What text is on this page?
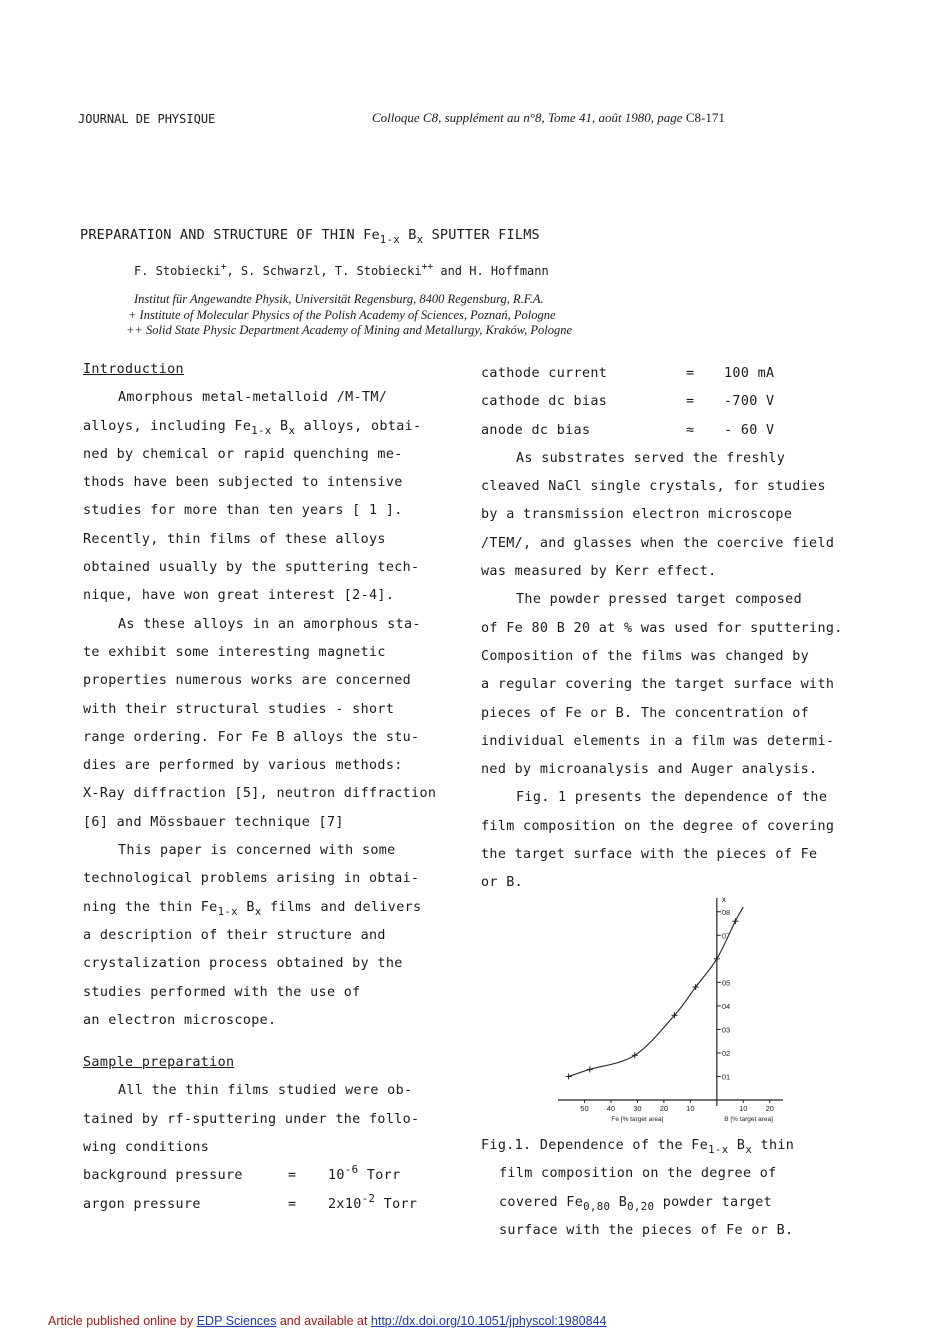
JOURNAL DE PHYSIQUE	Colloque C8, supplément au n°8, Tome 41, août 1980, page C8-171
PREPARATION AND STRUCTURE OF THIN $Fe_{1-x}$ $B_x$ SPUTTER FILMS
F. Stobiecki+, S. Schwarzl, T. Stobiecki++ and H. Hoffmann
Institut für Angewandte Physik, Universität Regensburg, 8400 Regensburg, R.F.A.
+ Institute of Molecular Physics of the Polish Academy of Sciences, Poznań, Pologne
++ Solid State Physic Department Academy of Mining and Metallurgy, Kraków, Pologne

Introduction

Amorphous metal-metalloid /M-TM/

alloys, including $Fe_{1-x}$ $B_x$ alloys, obtai-

ned by chemical or rapid quenching me-

thods have been subjected to intensive

studies for more than ten years [ 1 ].

Recently, thin films of these alloys

obtained usually by the sputtering tech-

nique, have won great interest [2-4].

As these alloys in an amorphous sta-

te exhibit some interesting magnetic

properties numerous works are concerned

with their structural studies - short

range ordering. For Fe B alloys the stu-

dies are performed by various methods:

X-Ray diffraction [5], neutron diffraction

[6] and Mössbauer technique [7]

This paper is concerned with some

technological problems arising in obtai-

ning the thin $Fe_{1-x}$ $B_x$ films and delivers

a description of their structure and

crystalization process obtained by the

studies performed with the use of

an electron microscope.

Sample preparation

All the thin films studied were ob-

tained by rf-sputtering under the follo-

wing conditions

background pressure	=	$10^{-6}$ Torr

argon pressure	=	$2x10^{-2}$ Torr

cathode current	=	100 mA

cathode dc bias	=	-700 V

anode dc bias	≈	- 60 V

As substrates served the freshly

cleaved NaCl single crystals, for studies

by a transmission electron microscope

/TEM/, and glasses when the coercive field

was measured by Kerr effect.

The powder pressed target composed

of Fe 80 B 20 at % was used for sputtering.

Composition of the films was changed by

a regular covering the target surface with

pieces of Fe or B. The concentration of

individual elements in a film was determi-

ned by microanalysis and Auger analysis.

Fig. 1 presents the dependence of the

film composition on the degree of covering

the target surface with the pieces of Fe

or B.

01
02
03
04
05
07
08
x
50 40 30 20 10	10 20
Fe [% target area]	B [% target area]
Fig.1. Dependence of the $Fe_{1-x}$ $B_x$ thin
film composition on the degree of
covered $Fe_{0,80}$ $B_{0,20}$ powder target
surface with the pieces of Fe or B.
Article published online by EDP Sciences and available at http://dx.doi.org/10.1051/jphyscol:1980844
